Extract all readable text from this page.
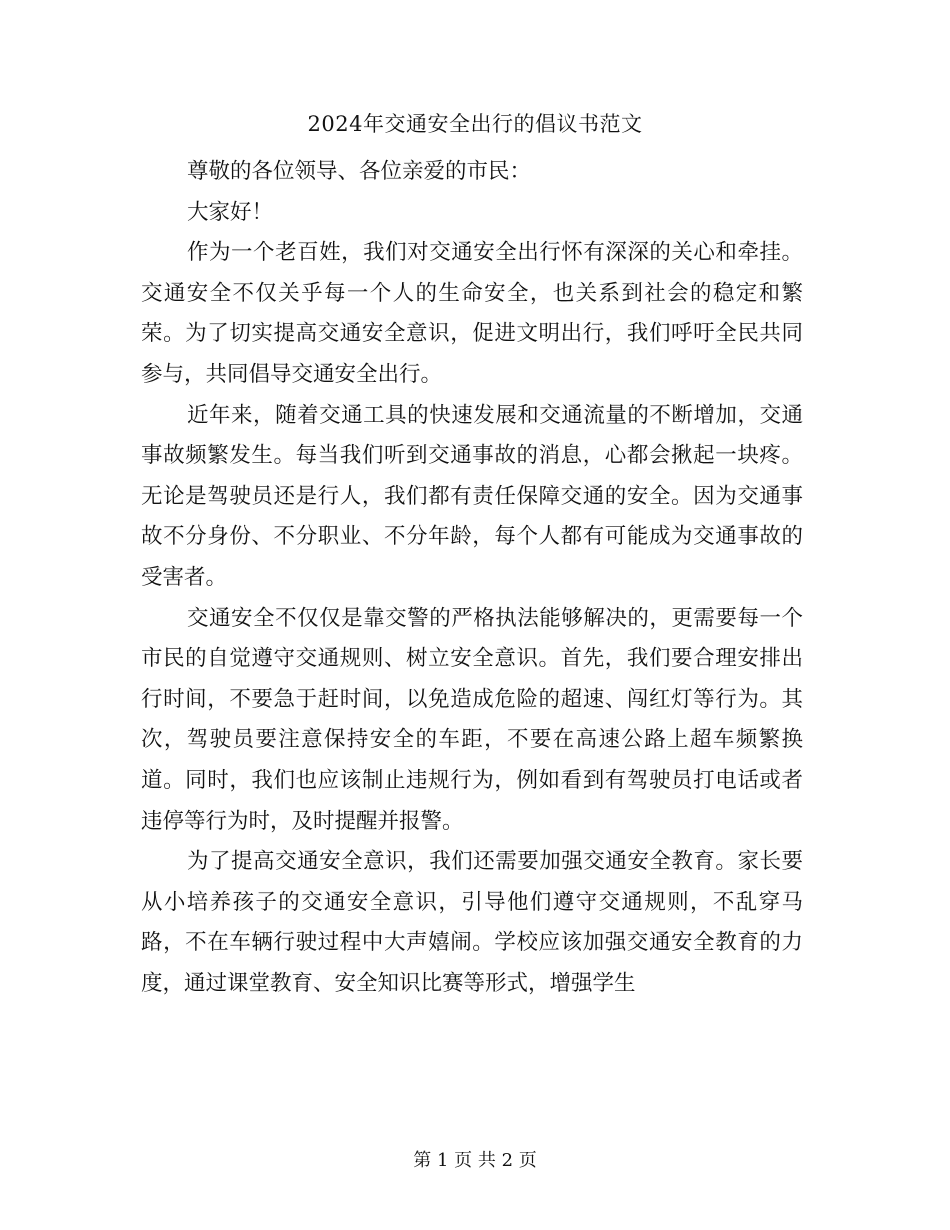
2024年交通安全出行的倡议书范文

尊敬的各位领导、各位亲爱的市民：

大家好！

作为一个老百姓，我们对交通安全出行怀有深深的关心和牵挂。交通安全不仅关乎每一个人的生命安全，也关系到社会的稳定和繁荣。为了切实提高交通安全意识，促进文明出行，我们呼吁全民共同参与，共同倡导交通安全出行。

近年来，随着交通工具的快速发展和交通流量的不断增加，交通事故频繁发生。每当我们听到交通事故的消息，心都会揪起一块疼。无论是驾驶员还是行人，我们都有责任保障交通的安全。因为交通事故不分身份、不分职业、不分年龄，每个人都有可能成为交通事故的受害者。

交通安全不仅仅是靠交警的严格执法能够解决的，更需要每一个市民的自觉遵守交通规则、树立安全意识。首先，我们要合理安排出行时间，不要急于赶时间，以免造成危险的超速、闯红灯等行为。其次，驾驶员要注意保持安全的车距，不要在高速公路上超车频繁换道。同时，我们也应该制止违规行为，例如看到有驾驶员打电话或者违停等行为时，及时提醒并报警。

为了提高交通安全意识，我们还需要加强交通安全教育。家长要从小培养孩子的交通安全意识，引导他们遵守交通规则，不乱穿马路，不在车辆行驶过程中大声嬉闹。学校应该加强交通安全教育的力度，通过课堂教育、安全知识比赛等形式，增强学生

第 1 页 共 2 页
